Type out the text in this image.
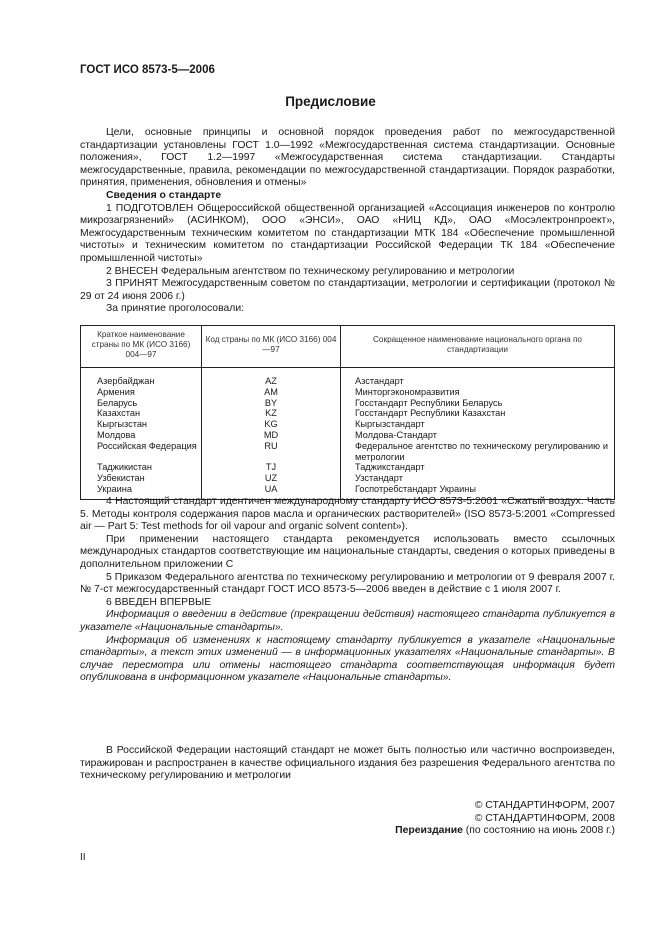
ГОСТ ИСО 8573-5—2006
Предисловие

Цели, основные принципы и основной порядок проведения работ по межгосударственной стандартизации установлены ГОСТ 1.0—1992 «Межгосударственная система стандартизации. Основные положения», ГОСТ 1.2—1997 «Межгосударственная система стандартизации. Стандарты межгосударственные, правила, рекомендации по межгосударственной стандартизации. Порядок разработки, принятия, применения, обновления и отмены»

Сведения о стандарте

1 ПОДГОТОВЛЕН Общероссийской общественной организацией «Ассоциация инженеров по контролю микрозагрязнений» (АСИНКОМ), ООО «ЭНСИ», ОАО «НИЦ КД», ОАО «Мосэлектронпроект», Межгосударственным техническим комитетом по стандартизации МТК 184 «Обеспечение промышленной чистоты» и техническим комитетом по стандартизации Российской Федерации ТК 184 «Обеспечение промышленной чистоты»

2 ВНЕСЕН Федеральным агентством по техническому регулированию и метрологии

3 ПРИНЯТ Межгосударственным советом по стандартизации, метрологии и сертификации (протокол № 29 от 24 июня 2006 г.)

За принятие проголосовали:

Краткое наименование страны по МК (ИСО 3166) 004—97	Код страны по МК (ИСО 3166) 004—97	Сокращенное наименование национального органа по стандартизации
Азербайджан	AZ	Азстандарт
Армения	AM	Минторгэкономразвития
Беларусь	BY	Госстандарт Республики Беларусь
Казахстан	KZ	Госстандарт Республики Казахстан
Кыргызстан	KG	Кыргызстандарт
Молдова	MD	Молдова-Стандарт
Российская Федерация	RU	Федеральное агентство по техническому регулированию и метрологии
Таджикистан	TJ	Таджикстандарт
Узбекистан	UZ	Узстандарт
Украина	UA	Госпотребстандарт Украины

4 Настоящий стандарт идентичен международному стандарту ИСО 8573-5:2001 «Сжатый воздух. Часть 5. Методы контроля содержания паров масла и органических растворителей» (ISO 8573-5:2001 «Compressed air — Part 5: Test methods for oil vapour and organic solvent content»).

При применении настоящего стандарта рекомендуется использовать вместо ссылочных международных стандартов соответствующие им национальные стандарты, сведения о которых приведены в дополнительном приложении С

5 Приказом Федерального агентства по техническому регулированию и метрологии от 9 февраля 2007 г. № 7-ст межгосударственный стандарт ГОСТ ИСО 8573-5—2006 введен в действие с 1 июля 2007 г.

6 ВВЕДЕН ВПЕРВЫЕ

Информация о введении в действие (прекращении действия) настоящего стандарта публикуется в указателе «Национальные стандарты».

Информация об изменениях к настоящему стандарту публикуется в указателе «Национальные стандарты», а текст этих изменений — в информационных указателях «Национальные стандарты». В случае пересмотра или отмены настоящего стандарта соответствующая информация будет опубликована в информационном указателе «Национальные стандарты».

В Российской Федерации настоящий стандарт не может быть полностью или частично воспроизведен, тиражирован и распространен в качестве официального издания без разрешения Федерального агентства по техническому регулированию и метрологии

© СТАНДАРТИНФОРМ, 2007
© СТАНДАРТИНФОРМ, 2008
Переиздание (по состоянию на июнь 2008 г.)
II
